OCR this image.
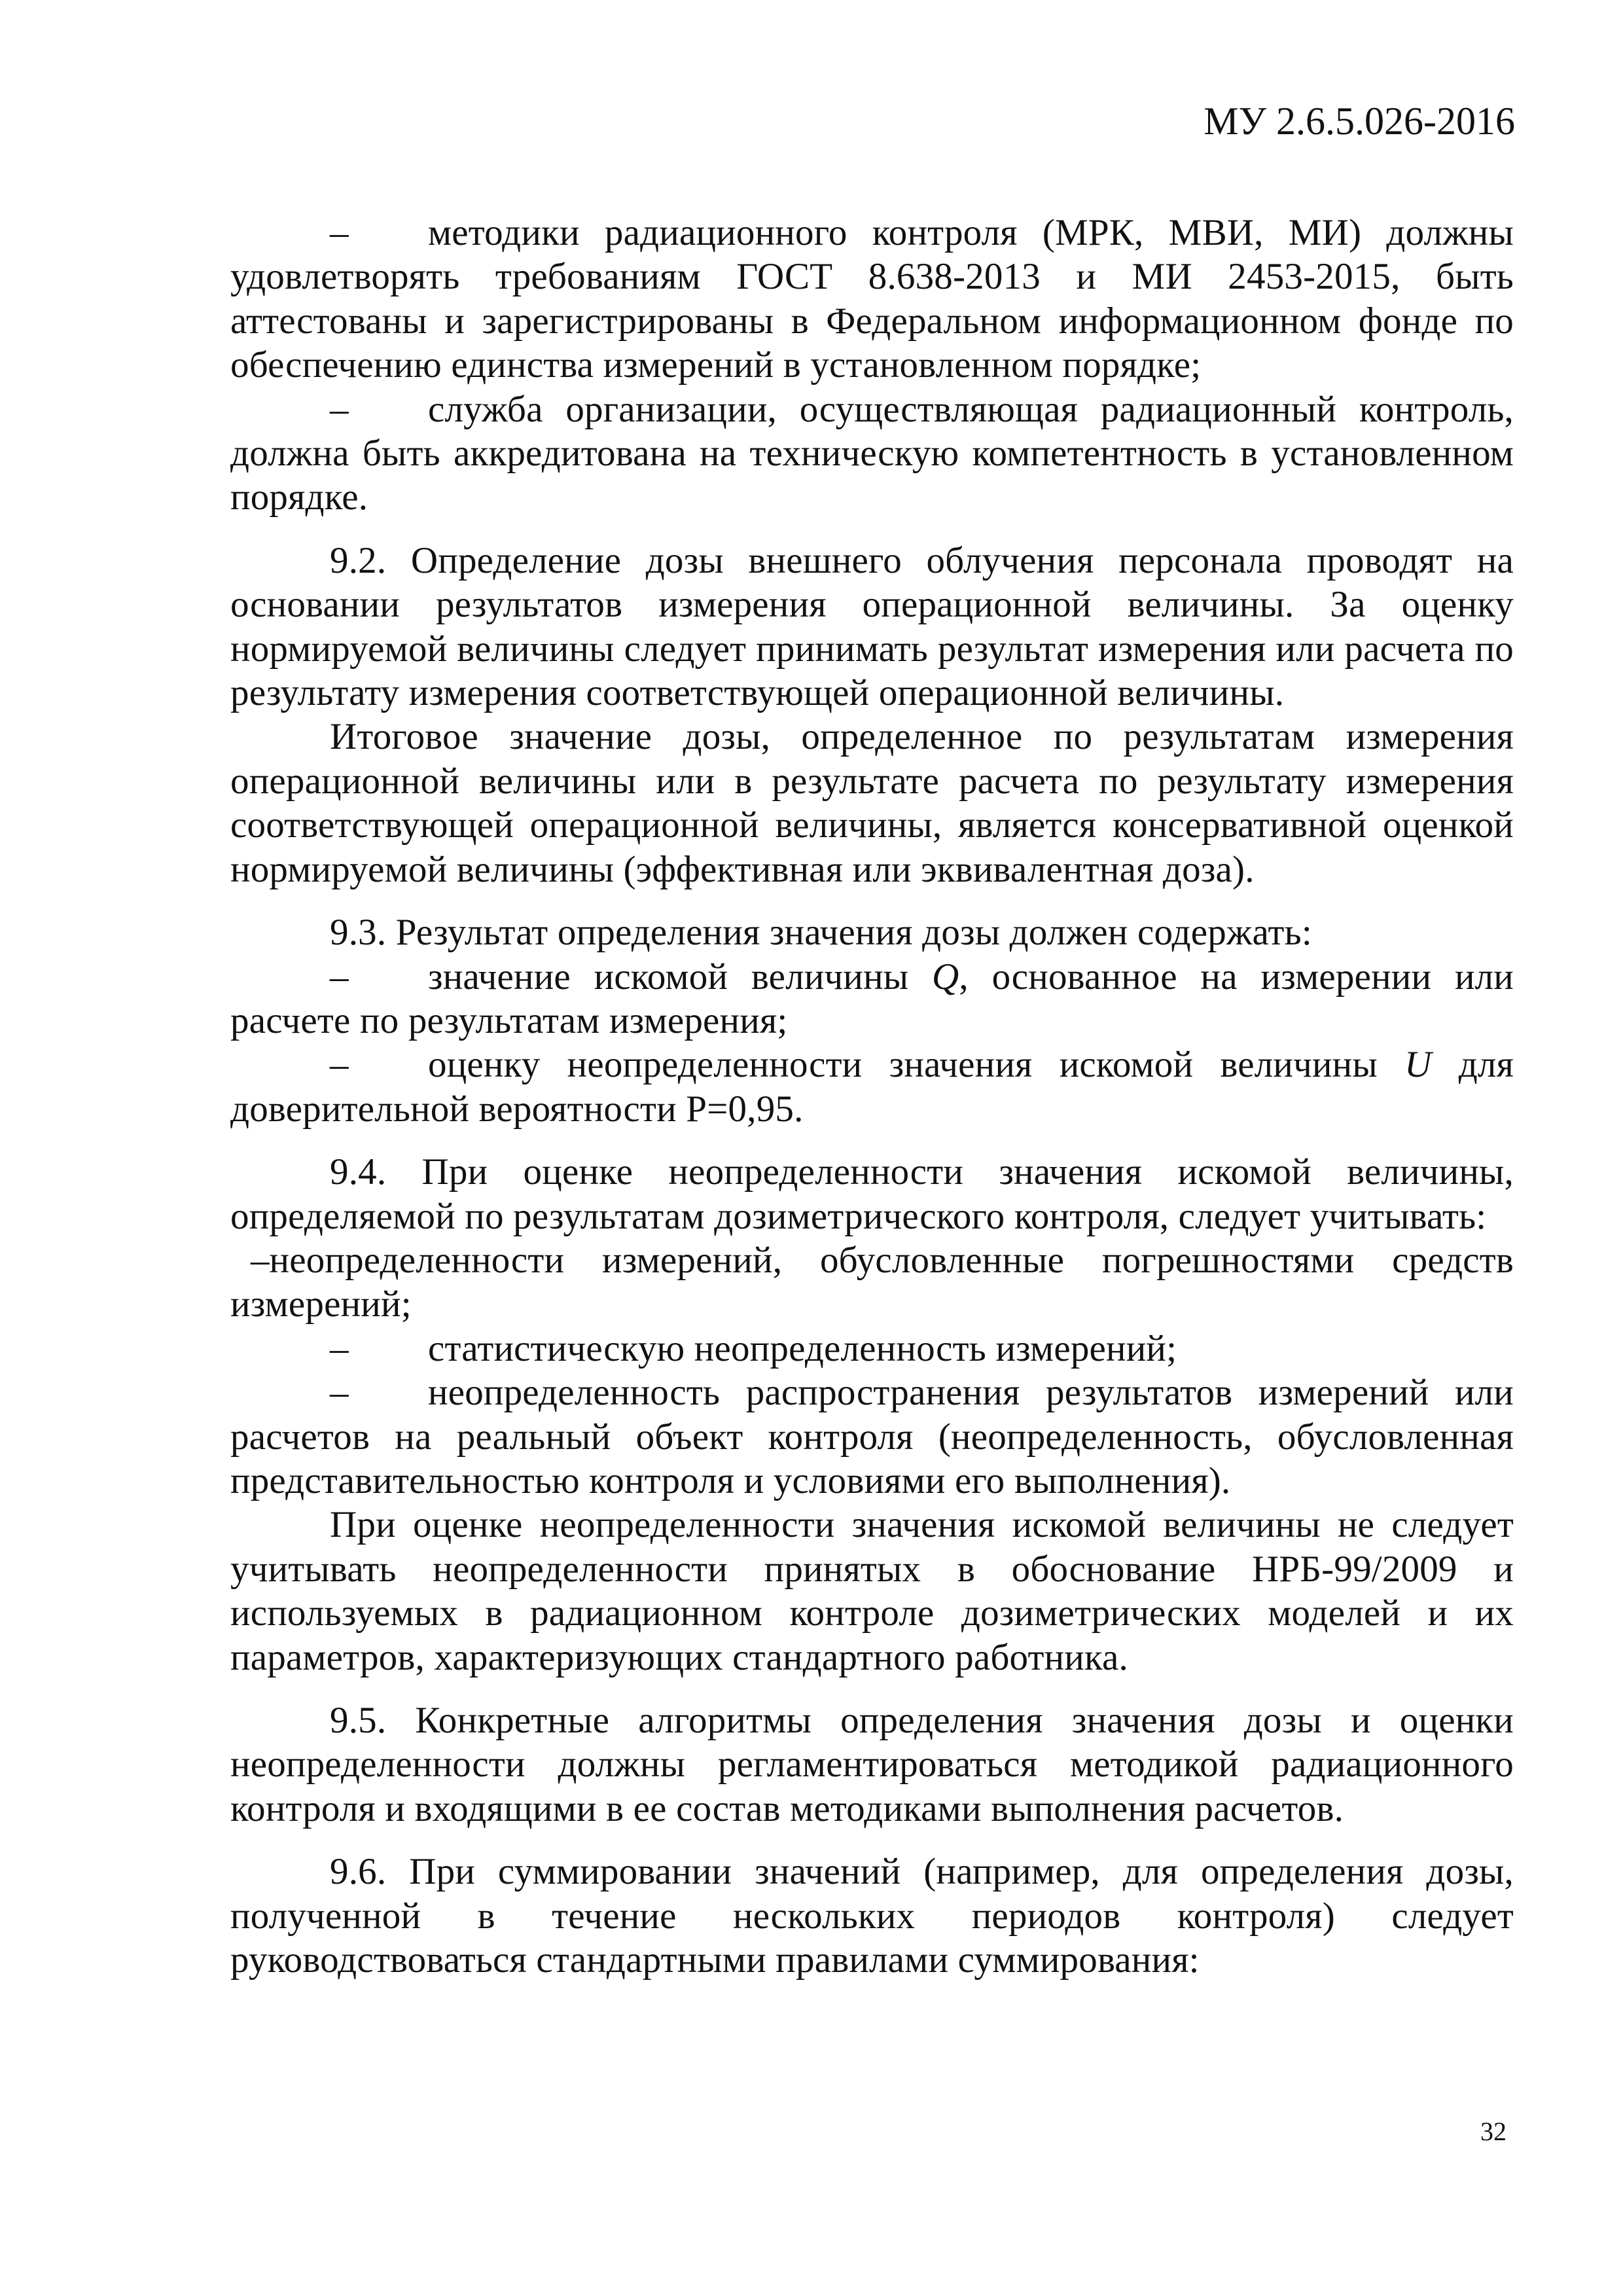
МУ 2.6.5.026-2016

– методики радиационного контроля (МРК, МВИ, МИ) должны удовлетворять требованиям ГОСТ 8.638-2013 и МИ 2453-2015, быть аттестованы и зарегистрированы в Федеральном информационном фонде по обеспечению единства измерений в установленном порядке;

– служба организации, осуществляющая радиационный контроль, должна быть аккредитована на техническую компетентность в установленном порядке.

9.2. Определение дозы внешнего облучения персонала проводят на основании результатов измерения операционной величины. За оценку нормируемой величины следует принимать результат измерения или расчета по результату измерения соответствующей операционной величины.

Итоговое значение дозы, определенное по результатам измерения операционной величины или в результате расчета по результату измерения соответствующей операционной величины, является консервативной оценкой нормируемой величины (эффективная или эквивалентная доза).

9.3. Результат определения значения дозы должен содержать:

– значение искомой величины Q, основанное на измерении или расчете по результатам измерения;

– оценку неопределенности значения искомой величины U для доверительной вероятности P=0,95.

9.4. При оценке неопределенности значения искомой величины, определяемой по результатам дозиметрического контроля, следует учитывать:

–неопределенности измерений, обусловленные погрешностями средств измерений;

– статистическую неопределенность измерений;

– неопределенность распространения результатов измерений или расчетов на реальный объект контроля (неопределенность, обусловленная представительностью контроля и условиями его выполнения).

При оценке неопределенности значения искомой величины не следует учитывать неопределенности принятых в обоснование НРБ-99/2009 и используемых в радиационном контроле дозиметрических моделей и их параметров, характеризующих стандартного работника.

9.5. Конкретные алгоритмы определения значения дозы и оценки неопределенности должны регламентироваться методикой радиационного контроля и входящими в ее состав методиками выполнения расчетов.

9.6. При суммировании значений (например, для определения дозы, полученной в течение нескольких периодов контроля) следует руководствоваться стандартными правилами суммирования:

32
